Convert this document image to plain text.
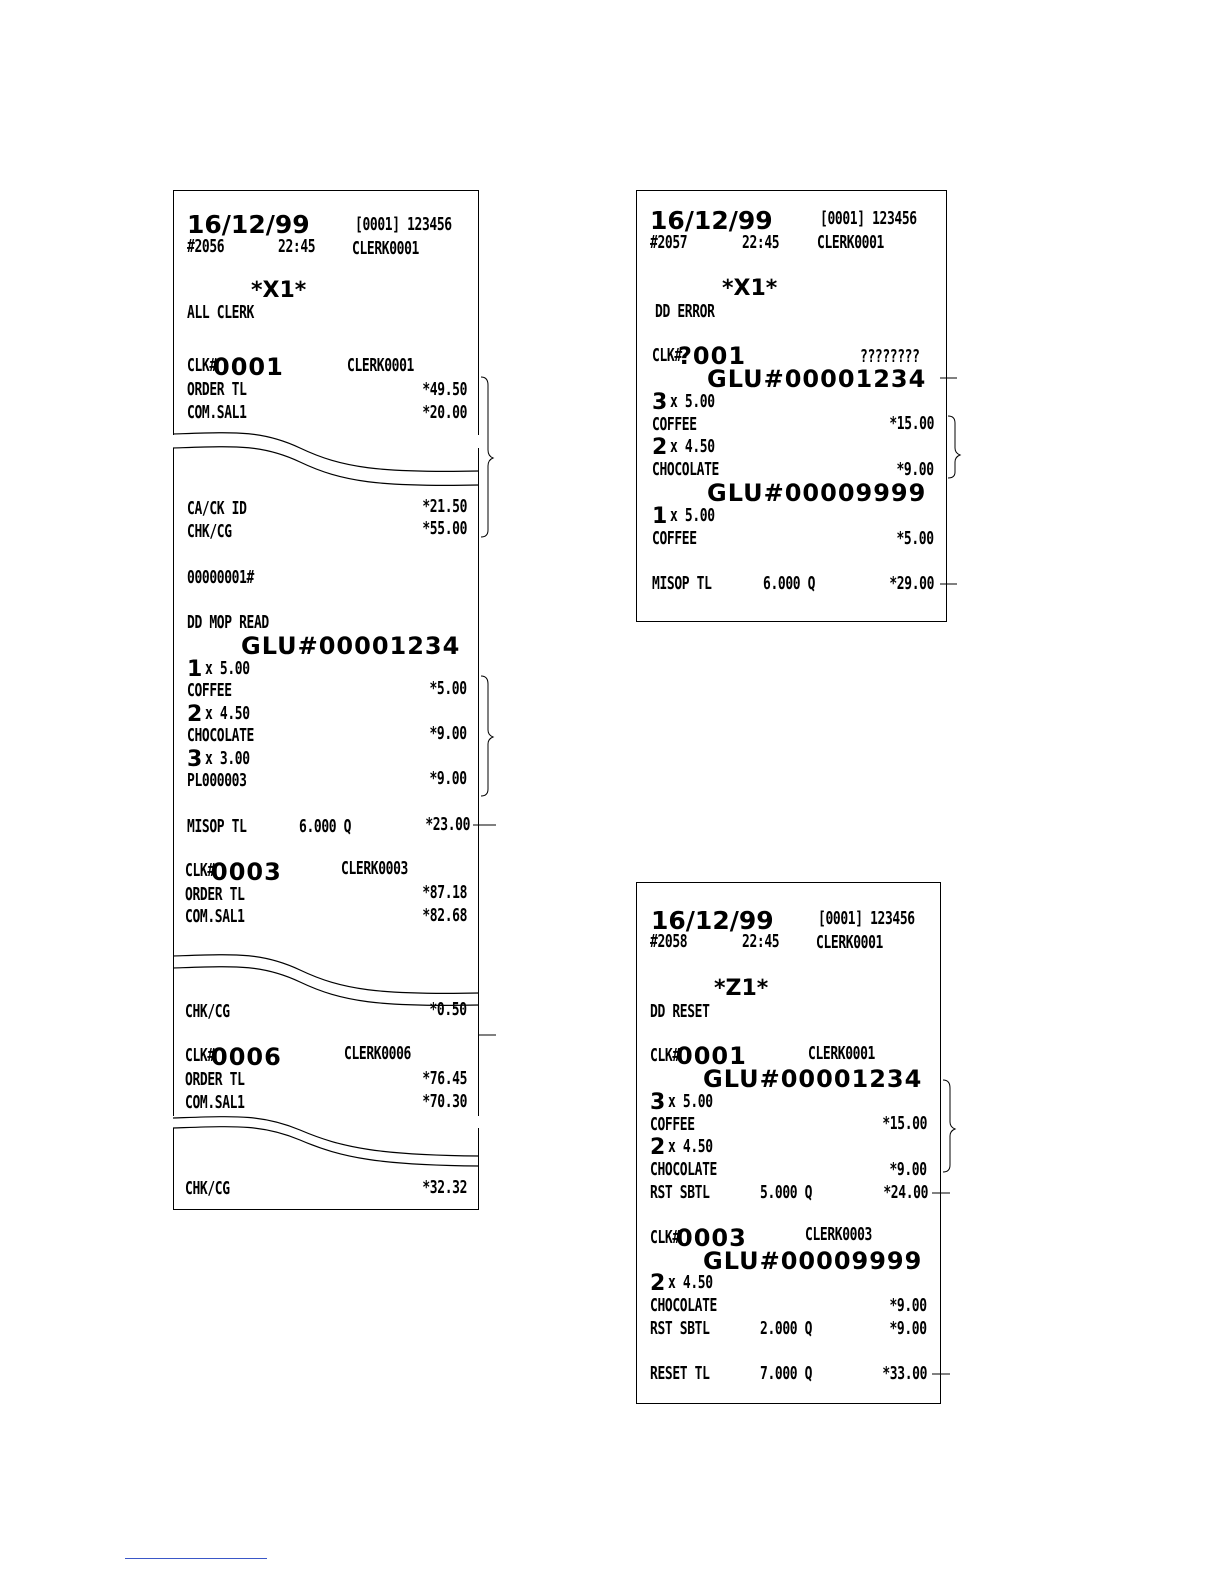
16/12/99	[0001] 123456
#2056	22:45 CLERK0001
*X1*
ALL CLERK
CLK#
0001	CLERK0001
ORDER TL	*49.50
COM.SAL1	*20.00
CA/CK ID	*21.50
CHK/CG	*55.00
00000001#
DD MOP READ
GLU#00001234
1 x 5.00
COFFEE	*5.00
2 x 4.50
CHOCOLATE	*9.00
3 x 3.00
PL000003	*9.00
MISOP TL	6.000 Q	*23.00
CLK#
0003	CLERK0003
ORDER TL	*87.18
COM.SAL1	*82.68
CHK/CG	*0.50
CLK#
0006	CLERK0006
ORDER TL	*76.45
COM.SAL1	*70.30
CHK/CG	*32.32
16/12/99	[0001] 123456
#2057	22:45 CLERK0001
*X1*
DD ERROR
CLK#
?001	????????
GLU#00001234
3 x 5.00
COFFEE	*15.00
2 x 4.50
CHOCOLATE	*9.00
GLU#00009999
1 x 5.00
COFFEE	*5.00
MISOP TL	6.000 Q	*29.00
16/12/99 [0001] 123456
#2058	22:45 CLERK0001
*Z1*
DD RESET
CLK#
0001	CLERK0001
GLU#00001234
3 x 5.00
COFFEE	*15.00
2 x 4.50
CHOCOLATE	*9.00
RST SBTL	5.000 Q	*24.00
CLK#
0003	CLERK0003
GLU#00009999
2 x 4.50
CHOCOLATE	*9.00
RST SBTL	2.000 Q	*9.00
RESET TL	7.000 Q	*33.00
